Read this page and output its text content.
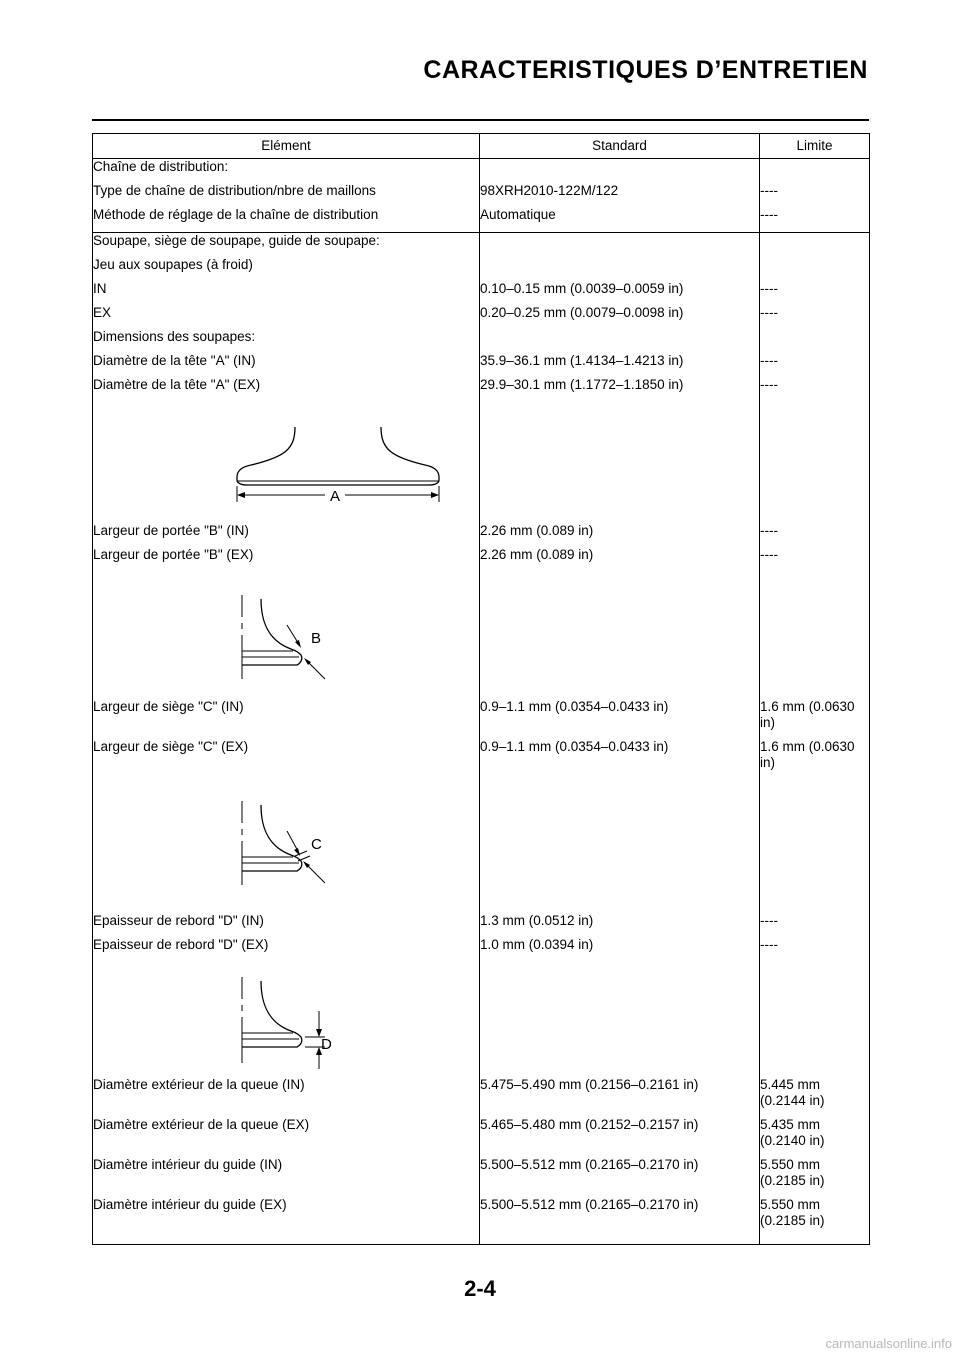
CARACTERISTIQUES D’ENTRETIEN
Elément	Standard	Limite
Chaîne de distribution:		
Type de chaîne de distribution/nbre de maillons	98XRH2010-122M/122	----
Méthode de réglage de la chaîne de distribution	Automatique	----
Soupape, siège de soupape, guide de soupape:		
Jeu aux soupapes (à froid)		
IN	0.10–0.15 mm (0.0039–0.0059 in)	----
EX	0.20–0.25 mm (0.0079–0.0098 in)	----
Dimensions des soupapes:		
Diamètre de la tête "A" (IN)	35.9–36.1 mm (1.4134–1.4213 in)	----
Diamètre de la tête "A" (EX)	29.9–30.1 mm (1.1772–1.1850 in)	----

A		

Largeur de portée "B" (IN)	2.26 mm (0.089 in)	----
Largeur de portée "B" (EX)	2.26 mm (0.089 in)	----

B		

Largeur de siège "C" (IN)	0.9–1.1 mm (0.0354–0.0433 in)	1.6 mm (0.0630 in)
Largeur de siège "C" (EX)	0.9–1.1 mm (0.0354–0.0433 in)	1.6 mm (0.0630 in)

C		

Epaisseur de rebord "D" (IN)	1.3 mm (0.0512 in)	----
Epaisseur de rebord "D" (EX)	1.0 mm (0.0394 in)	----

D		

Diamètre extérieur de la queue (IN)	5.475–5.490 mm (0.2156–0.2161 in)	5.445 mm (0.2144 in)
Diamètre extérieur de la queue (EX)	5.465–5.480 mm (0.2152–0.2157 in)	5.435 mm (0.2140 in)
Diamètre intérieur du guide (IN)	5.500–5.512 mm (0.2165–0.2170 in)	5.550 mm (0.2185 in)
Diamètre intérieur du guide (EX)	5.500–5.512 mm (0.2165–0.2170 in)	5.550 mm (0.2185 in)
2-4
carmanualsonline.info
